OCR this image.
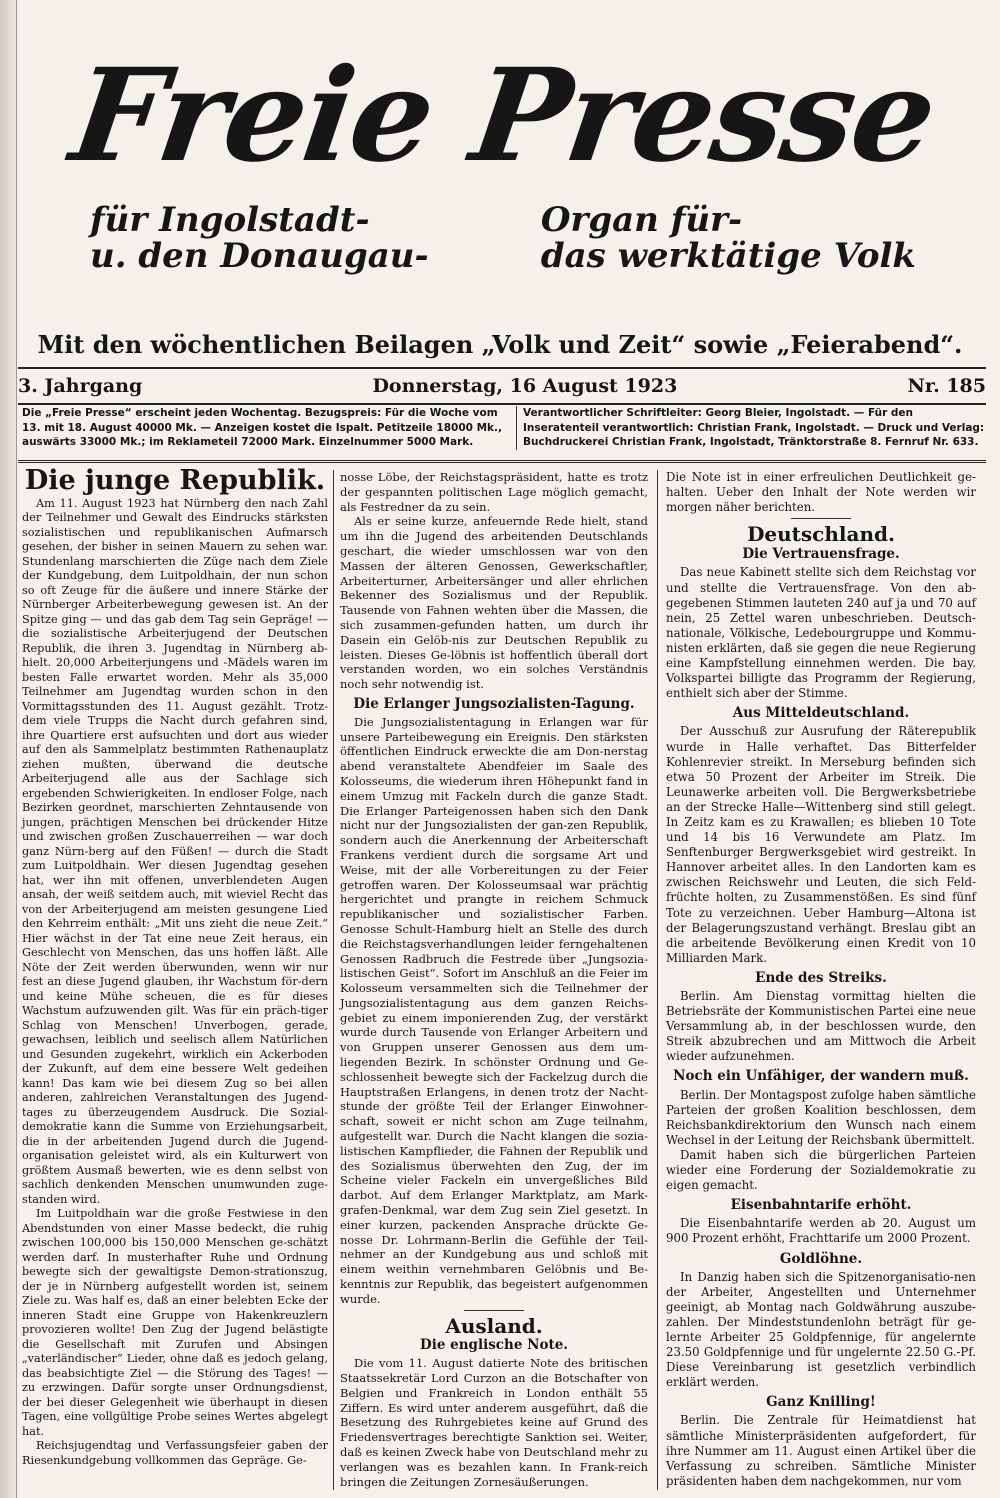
Freie Presse
für Ingolstadt-
u. den Donaugau-
Organ für-
das werktätige Volk
Mit den wöchentlichen Beilagen „Volk und Zeit“ sowie „Feierabend“.
3. Jahrgang	Donnerstag, 16 August 1923	Nr. 185
Die „Freie Presse“ erscheint jeden Wochentag. Bezugspreis: Für die Woche vom 13. mit 18. August 40000 Mk. — Anzeigen kostet die Ispalt. Petitzeile 18000 Mk., auswärts 33000 Mk.; im Reklameteil 72000 Mark. Einzelnummer 5000 Mark.
Verantwortlicher Schriftleiter: Georg Bleier, Ingolstadt. — Für den Inseratenteil verantwortlich: Christian Frank, Ingolstadt. — Druck und Verlag: Buchdruckerei Christian Frank, Ingolstadt, Tränktorstraße 8. Fernruf Nr. 633.
Die junge Republik.

Am 11. August 1923 hat Nürnberg den nach Zahl der Teilnehmer und Gewalt des Eindrucks stärksten sozialistischen und republikanischen Aufmarsch gesehen, der bisher in seinen Mauern zu sehen war. Stundenlang marschierten die Züge nach dem Ziele der Kundgebung, dem Luitpoldhain, der nun schon so oft Zeuge für die äußere und innere Stärke der Nürnberger Arbeiterbewegung gewesen ist. An der Spitze ging — und das gab dem Tag sein Gepräge! — die sozialistische Arbeiterjugend der Deutschen Republik, die ihren 3. Jugendtag in Nürnberg ab-hielt. 20,000 Arbeiterjungens und -Mädels waren im besten Falle erwartet worden. Mehr als 35,000 Teilnehmer am Jugendtag wurden schon in den Vormittagsstunden des 11. August gezählt. Trotz-dem viele Trupps die Nacht durch gefahren sind, ihre Quartiere erst aufsuchten und dort aus wieder auf den als Sammelplatz bestimmten Rathenauplatz ziehen mußten, überwand die deutsche Arbeiterjugend alle aus der Sachlage sich ergebenden Schwierigkeiten. In endloser Folge, nach Bezirken geordnet, marschierten Zehntausende von jungen, prächtigen Menschen bei drückender Hitze und zwischen großen Zuschauerreihen — war doch ganz Nürn-berg auf den Füßen! — durch die Stadt zum Luitpoldhain. Wer diesen Jugendtag gesehen hat, wer ihn mit offenen, unverblendeten Augen ansah, der weiß seitdem auch, mit wieviel Recht das von der Arbeiterjugend am meisten gesungene Lied den Kehrreim enthält: „Mit uns zieht die neue Zeit.“ Hier wächst in der Tat eine neue Zeit heraus, ein Geschlecht von Menschen, das uns hoffen läßt. Alle Nöte der Zeit werden überwunden, wenn wir nur fest an diese Jugend glauben, ihr Wachstum för-dern und keine Mühe scheuen, die es für dieses Wachstum aufzuwenden gilt. Was für ein präch-tiger Schlag von Menschen! Unverbogen, gerade, gewachsen, leiblich und seelisch allem Natürlichen und Gesunden zugekehrt, wirklich ein Ackerboden der Zukunft, auf dem eine bessere Welt gedeihen kann! Das kam wie bei diesem Zug so bei allen anderen, zahlreichen Veranstaltungen des Jugend-tages zu überzeugendem Ausdruck. Die Sozial-demokratie kann die Summe von Erziehungsarbeit, die in der arbeitenden Jugend durch die Jugend-organisation geleistet wird, als ein Kulturwert von größtem Ausmaß bewerten, wie es denn selbst von sachlich denkenden Menschen unumwunden zuge-standen wird.

Im Luitpoldhain war die große Festwiese in den Abendstunden von einer Masse bedeckt, die ruhig zwischen 100,000 bis 150,000 Menschen ge-schätzt werden darf. In musterhafter Ruhe und Ordnung bewegte sich der gewaltigste Demon-strationszug, der je in Nürnberg aufgestellt worden ist, seinem Ziele zu. Was half es, daß an einer belebten Ecke der inneren Stadt eine Gruppe von Hakenkreuzlern provozieren wollte! Den Zug der Jugend belästigte die Gesellschaft mit Zurufen und Absingen „vaterländischer“ Lieder, ohne daß es jedoch gelang, das beabsichtigte Ziel — die Störung des Tages! — zu erzwingen. Dafür sorgte unser Ordnungsdienst, der bei dieser Gelegenheit wie überhaupt in diesen Tagen, eine vollgültige Probe seines Wertes abgelegt hat.

Reichsjugendtag und Verfassungsfeier gaben der Riesenkundgebung vollkommen das Gepräge. Ge-

nosse Löbe, der Reichstagspräsident, hatte es trotz der gespannten politischen Lage möglich gemacht, als Festredner da zu sein.

Als er seine kurze, anfeuernde Rede hielt, stand um ihn die Jugend des arbeitenden Deutschlands geschart, die wieder umschlossen war von den Massen der älteren Genossen, Gewerkschaftler, Arbeiterturner, Arbeitersänger und aller ehrlichen Bekenner des Sozialismus und der Republik. Tausende von Fahnen wehten über die Massen, die sich zusammen-gefunden hatten, um durch ihr Dasein ein Gelöb-nis zur Deutschen Republik zu leisten. Dieses Ge-löbnis ist hoffentlich überall dort verstanden worden, wo ein solches Verständnis noch sehr notwendig ist.

Die Erlanger Jungsozialisten-Tagung.

Die Jungsozialistentagung in Erlangen war für unsere Parteibewegung ein Ereignis. Den stärksten öffentlichen Eindruck erweckte die am Don-nerstag abend veranstaltete Abendfeier im Saale des Kolosseums, die wiederum ihren Höhepunkt fand in einem Umzug mit Fackeln durch die ganze Stadt. Die Erlanger Parteigenossen haben sich den Dank nicht nur der Jungsozialisten der gan-zen Republik, sondern auch die Anerkennung der Arbeiterschaft Frankens verdient durch die sorgsame Art und Weise, mit der alle Vorbereitungen zu der Feier getroffen waren. Der Kolosseumsaal war prächtig hergerichtet und prangte in reichem Schmuck republikanischer und sozialistischer Farben. Genosse Schult-Hamburg hielt an Stelle des durch die Reichstagsverhandlungen leider ferngehaltenen Genossen Radbruch die Festrede über „Jungsozia-listischen Geist“. Sofort im Anschluß an die Feier im Kolosseum versammelten sich die Teilnehmer der Jungsozialistentagung aus dem ganzen Reichs-gebiet zu einem imponierenden Zug, der verstärkt wurde durch Tausende von Erlanger Arbeitern und von Gruppen unserer Genossen aus dem um-liegenden Bezirk. In schönster Ordnung und Ge-schlossenheit bewegte sich der Fackelzug durch die Hauptstraßen Erlangens, in denen trotz der Nacht-stunde der größte Teil der Erlanger Einwohner-schaft, soweit er nicht schon am Zuge teilnahm, aufgestellt war. Durch die Nacht klangen die sozia-listischen Kampflieder, die Fahnen der Republik und des Sozialismus überwehten den Zug, der im Scheine vieler Fackeln ein unvergeßliches Bild darbot. Auf dem Erlanger Marktplatz, am Mark-grafen-Denkmal, war dem Zug sein Ziel gesetzt. In einer kurzen, packenden Ansprache drückte Ge-nosse Dr. Lohrmann-Berlin die Gefühle der Teil-nehmer an der Kundgebung aus und schloß mit einem weithin vernehmbaren Gelöbnis und Be-kenntnis zur Republik, das begeistert aufgenommen wurde.

Ausland.
Die englische Note.

Die vom 11. August datierte Note des britischen Staatssekretär Lord Curzon an die Botschafter von Belgien und Frankreich in London enthält 55 Ziffern. Es wird unter anderem ausgeführt, daß die Besetzung des Ruhrgebietes keine auf Grund des Friedensvertrages berechtigte Sanktion sei. Weiter, daß es keinen Zweck habe von Deutschland mehr zu verlangen was es bezahlen kann. In Frank-reich bringen die Zeitungen Zornesäußerungen.

Die Note ist in einer erfreulichen Deutlichkeit ge-halten. Ueber den Inhalt der Note werden wir morgen näher berichten.

Deutschland.
Die Vertrauensfrage.

Das neue Kabinett stellte sich dem Reichstag vor und stellte die Vertrauensfrage. Von den ab-gegebenen Stimmen lauteten 240 auf ja und 70 auf nein, 25 Zettel waren unbeschrieben. Deutsch-nationale, Völkische, Ledebourgruppe und Kommu-nisten erklärten, daß sie gegen die neue Regierung eine Kampfstellung einnehmen werden. Die bay. Volkspartei billigte das Programm der Regierung, enthielt sich aber der Stimme.

Aus Mitteldeutschland.

Der Ausschuß zur Ausrufung der Räterepublik wurde in Halle verhaftet. Das Bitterfelder Kohlenrevier streikt. In Merseburg befinden sich etwa 50 Prozent der Arbeiter im Streik. Die Leunawerke arbeiten voll. Die Bergwerksbetriebe an der Strecke Halle—Wittenberg sind still gelegt. In Zeitz kam es zu Krawallen; es blieben 10 Tote und 14 bis 16 Verwundete am Platz. Im Senftenburger Bergwerksgebiet wird gestreikt. In Hannover arbeitet alles. In den Landorten kam es zwischen Reichswehr und Leuten, die sich Feld-früchte holten, zu Zusammenstößen. Es sind fünf Tote zu verzeichnen. Ueber Hamburg—Altona ist der Belagerungszustand verhängt. Breslau gibt an die arbeitende Bevölkerung einen Kredit von 10 Milliarden Mark.

Ende des Streiks.

Berlin. Am Dienstag vormittag hielten die Betriebsräte der Kommunistischen Partei eine neue Versammlung ab, in der beschlossen wurde, den Streik abzubrechen und am Mittwoch die Arbeit wieder aufzunehmen.

Noch ein Unfähiger, der wandern muß.

Berlin. Der Montagspost zufolge haben sämtliche Parteien der großen Koalition beschlossen, dem Reichsbankdirektorium den Wunsch nach einem Wechsel in der Leitung der Reichsbank übermittelt.

Damit haben sich die bürgerlichen Parteien wieder eine Forderung der Sozialdemokratie zu eigen gemacht.

Eisenbahntarife erhöht.

Die Eisenbahntarife werden ab 20. August um 900 Prozent erhöht, Frachttarife um 2000 Prozent.

Goldlöhne.

In Danzig haben sich die Spitzenorganisatio-nen der Arbeiter, Angestellten und Unternehmer geeinigt, ab Montag nach Goldwährung auszube-zahlen. Der Mindeststundenlohn beträgt für ge-lernte Arbeiter 25 Goldpfennige, für angelernte 23.50 Goldpfennige und für ungelernte 22.50 G.-Pf. Diese Vereinbarung ist gesetzlich verbindlich erklärt werden.

Ganz Knilling!

Berlin. Die Zentrale für Heimatdienst hat sämtliche Ministerpräsidenten aufgefordert, für ihre Nummer am 11. August einen Artikel über die Verfassung zu schreiben. Sämtliche Minister präsidenten haben dem nachgekommen, nur vom
